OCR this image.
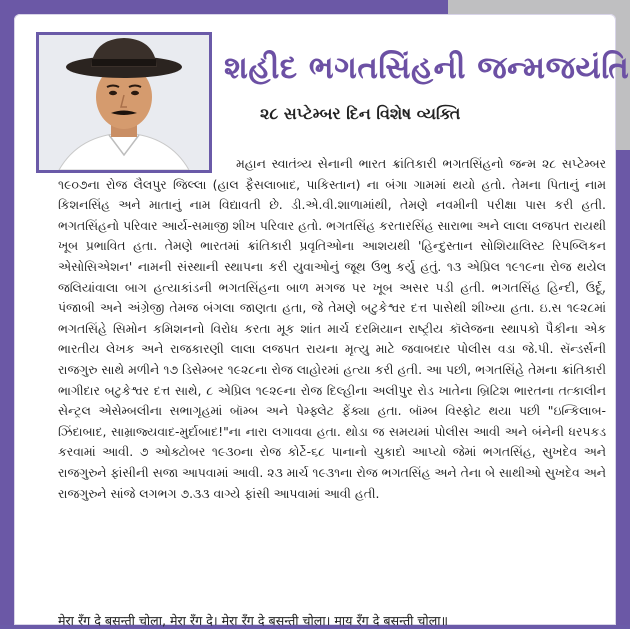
શહીદ ભગતસિંહની જન્મજયંતિ
૨૮ સપ્ટેમ્બર દિન વિશેષ વ્યક્તિ

મહાન સ્વાતંત્ર્ય સેનાની ભારત ક્રાંતિકારી ભગતસિંહનો જન્મ ૨૮ સપ્ટેમ્બર ૧૯૦૭ના રોજ લૈલપુર જિલ્લા (હાલ ફૈસલાબાદ, પાકિસ્તાન) ના બંગા ગામમાં થયો હતો. તેમના પિતાનું નામ કિશનસિંહ અને માતાનું નામ વિદ્યાવતી છે. ડી.એ.વી.શાળામાંથી, તેમણે નવમીની પરીક્ષા પાસ કરી હતી. ભગતસિંહનો પરિવાર આર્ય-સમાજી શીખ પરિવાર હતો. ભગતસિંહ કરતારસિંહ સારાભા અને લાલા લજપત રાયથી ખૂબ પ્રભાવિત હતા. તેમણે ભારતમાં ક્રાંતિકારી પ્રવૃતિઓના આશયથી 'હિન્દુસ્તાન સોશિયાલિસ્ટ રિપબ્લિકન એસોસિએશન' નામની સંસ્થાની સ્થાપના કરી યુવાઓનું જૂથ ઉભુ કર્યુ હતું. ૧૩ એપ્રિલ ૧૯૧૯ના રોજ થયેલ જલિયાંવાલા બાગ હત્યાકાંડની ભગતસિંહના બાળ મગજ પર ખૂબ અસર પડી હતી. ભગતસિંહ હિન્દી, ઉર્દૂ, પંજાબી અને અંગ્રેજી તેમજ બંગલા જાણતા હતા, જે તેમણે બટુકેશ્વર દત્ત પાસેથી શીખ્યા હતા. ઇ.સ ૧૯૨૮માં ભગતસિંહે સિમોન કમિશનનો વિરોધ કરતા મૂક શાંત માર્ચ દરમિયાન રાષ્ટ્રીય કૉલેજના સ્થાપકો પૈકીના એક ભારતીય લેખક અને રાજકારણી લાલા લજપત રાયના મૃત્યુ માટે જવાબદાર પોલીસ વડા જે.પી. સૅન્ડર્સની રાજગુરુ સાથે મળીને ૧૭ ડિસેમ્બર ૧૯૨૮ના રોજ લાહોરમાં હત્યા કરી હતી. આ પછી, ભગતસિંહે તેમના ક્રાંતિકારી ભાગીદાર બટુકેશ્વર દત્ત સાથે, ૮ એપ્રિલ ૧૯૨૯ના રોજ દિલ્હીના અલીપુર રોડ ખાતેના બ્રિટિશ ભારતના તત્કાલીન સેન્ટ્રલ એસેમ્બલીના સભાગૃહમાં બૉમ્બ અને પેમ્ફ્લેટ ફેંક્યા હતા. બૉમ્બ વિસ્ફોટ થયા પછી "ઇન્કિલાબ-ઝિંદાબાદ, સામ્રાજ્યવાદ-મુર્દાબાદ!"ના નારા લગાવવા હતા. થોડા જ સમયમાં પોલીસ આવી અને બંનેની ધરપકડ કરવામાં આવી. ૭ ઓક્ટોબર ૧૯૩૦ના રોજ કોર્ટે-૬૮ પાનાનો ચુકાદો આપ્યો જેમાં ભગતસિંહ, સુખદેવ અને રાજગુરુને ફાંસીની સજા આપવામાં આવી. ૨૩ માર્ચ ૧૯૩૧ના રોજ ભગતસિંહ અને તેના બે સાથીઓ સુખદેવ અને રાજગુરુને સાંજે લગભગ ૭.૩૩ વાગ્યે ફાંસી આપવામાં આવી હતી.

मेरा रँग दे बसन्ती चोला, मेरा रँग दे। मेरा रँग दे बसन्ती चोला। माय रँग दे बसन्ती चोला॥
